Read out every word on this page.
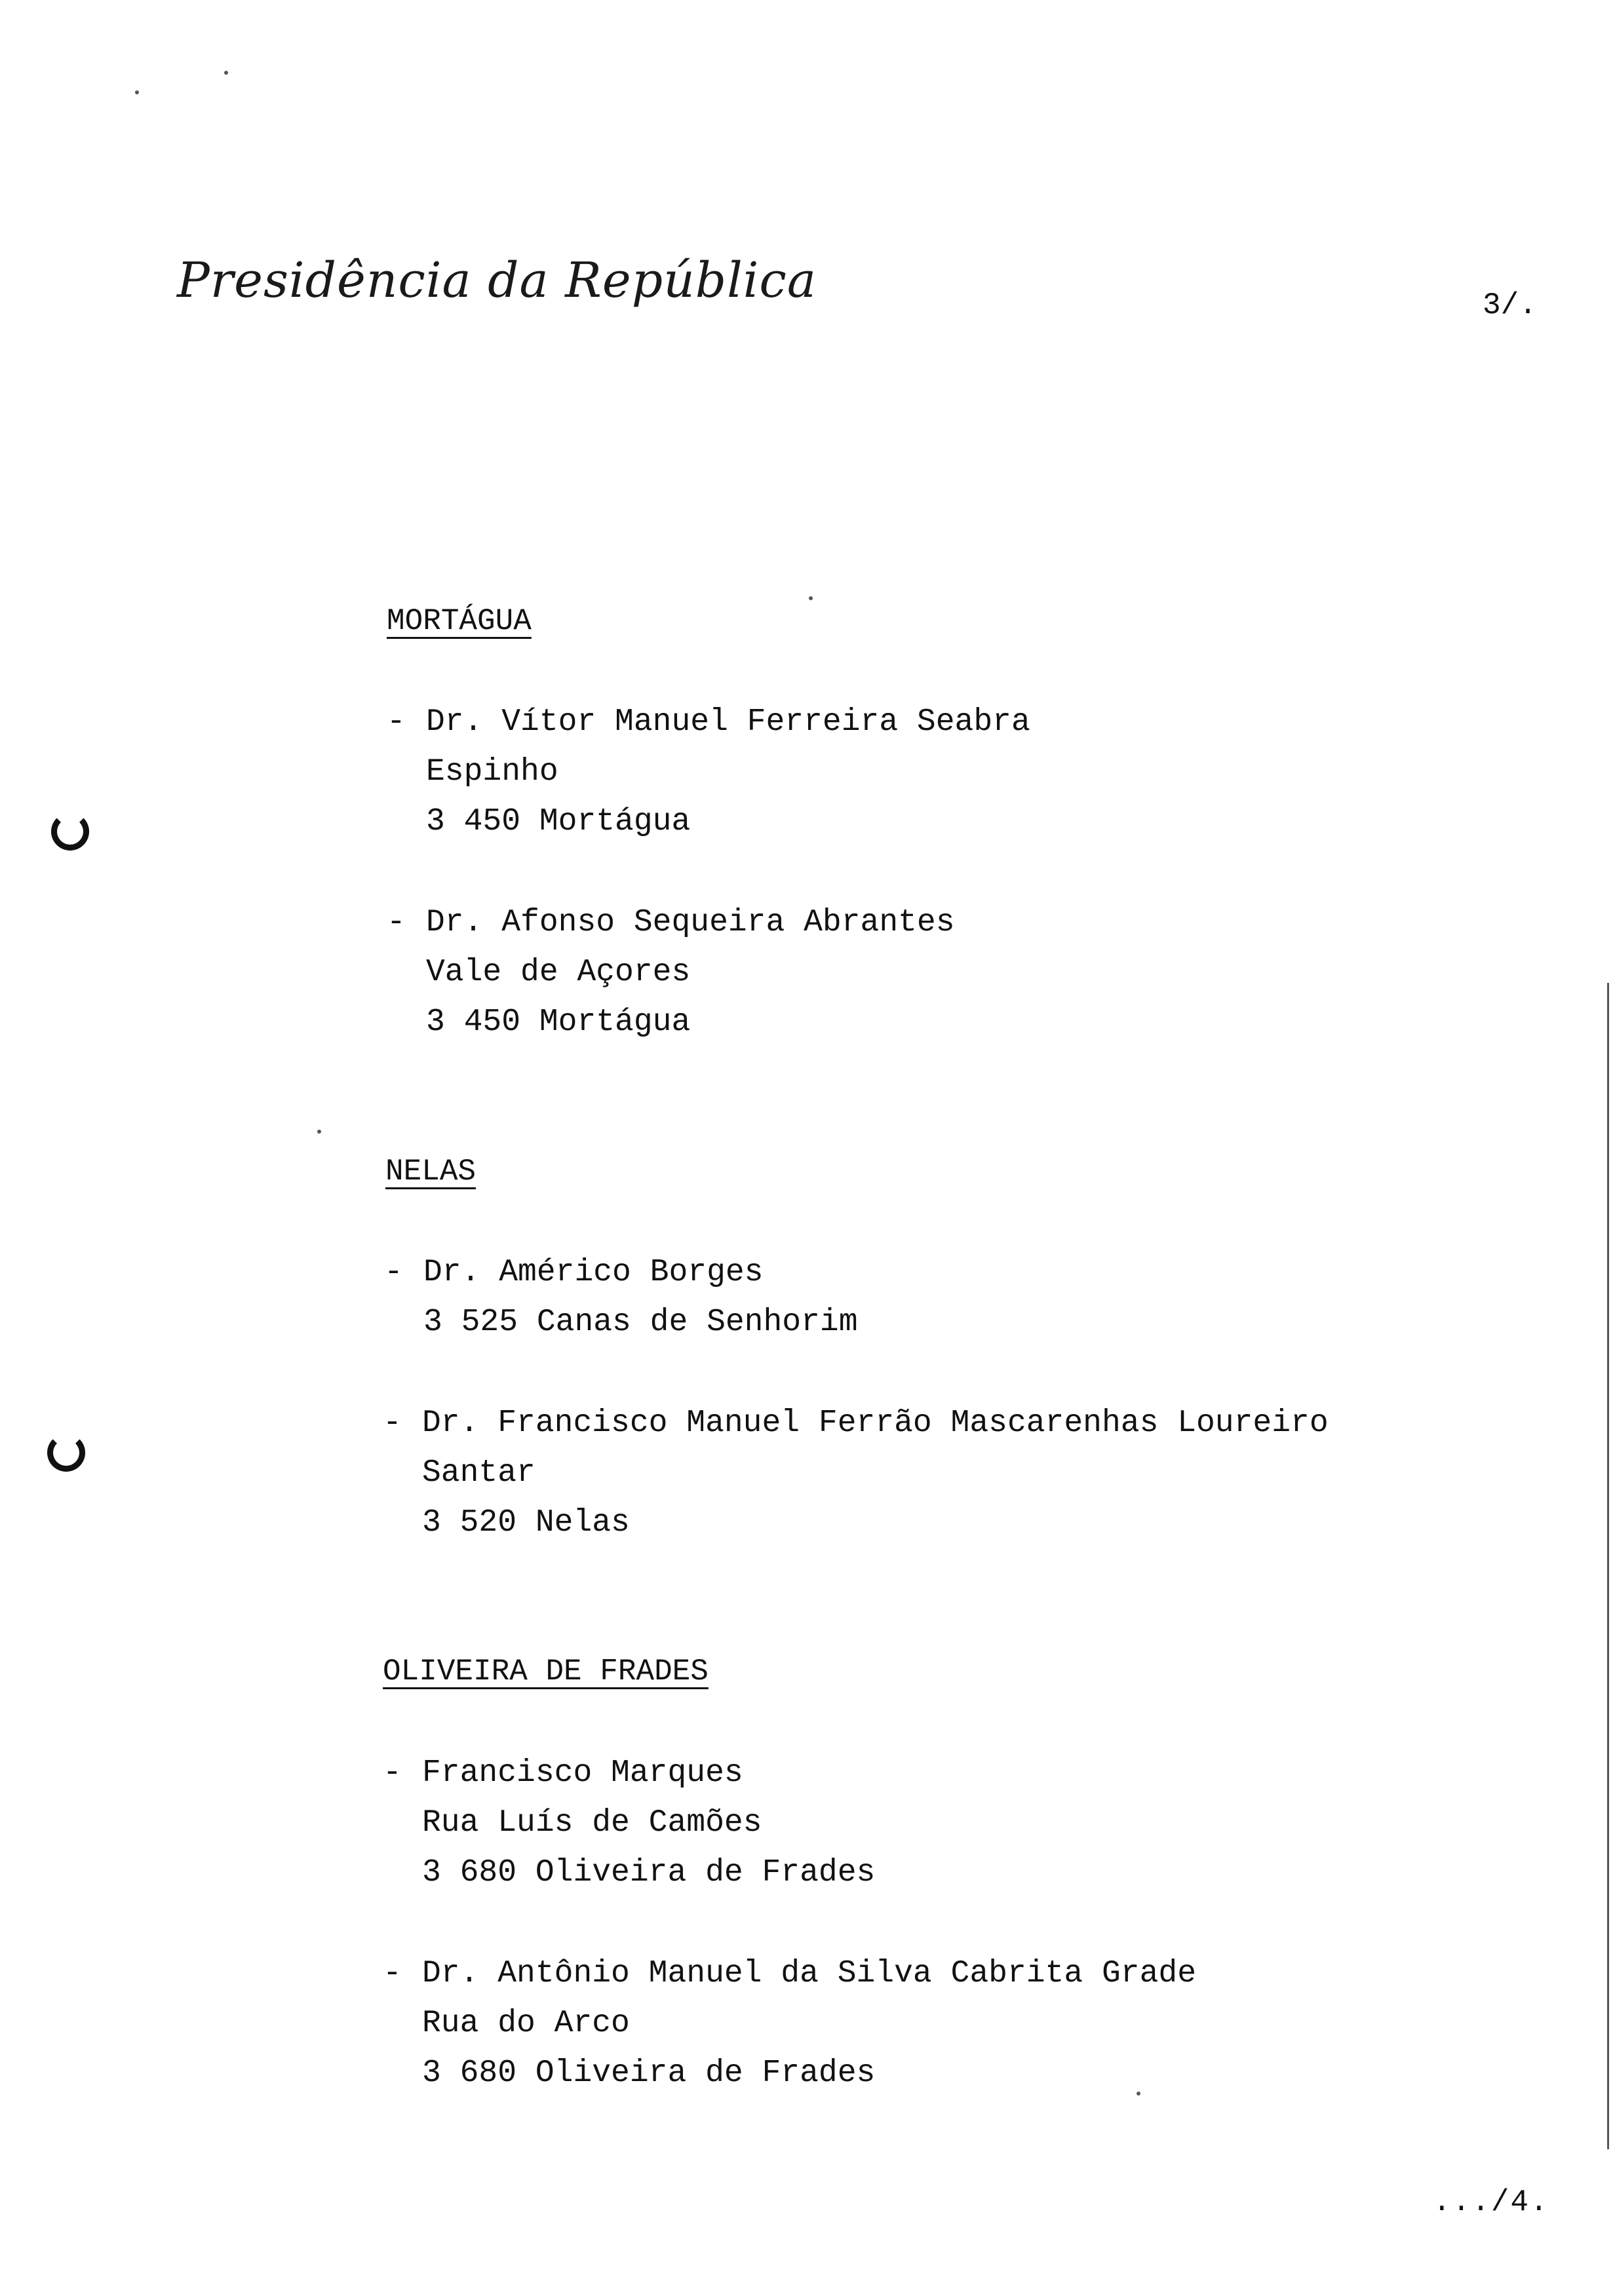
Presidência da República	3/.
MORTÁGUA
- Dr. Vítor Manuel Ferreira Seabra
Espinho
3 450 Mortágua
- Dr. Afonso Sequeira Abrantes
Vale de Açores
3 450 Mortágua
NELAS
- Dr. Américo Borges
3 525 Canas de Senhorim
- Dr. Francisco Manuel Ferrão Mascarenhas Loureiro
Santar
3 520 Nelas
OLIVEIRA DE FRADES
- Francisco Marques
Rua Luís de Camões
3 680 Oliveira de Frades
- Dr. Antônio Manuel da Silva Cabrita Grade
Rua do Arco
3 680 Oliveira de Frades
.../4.
